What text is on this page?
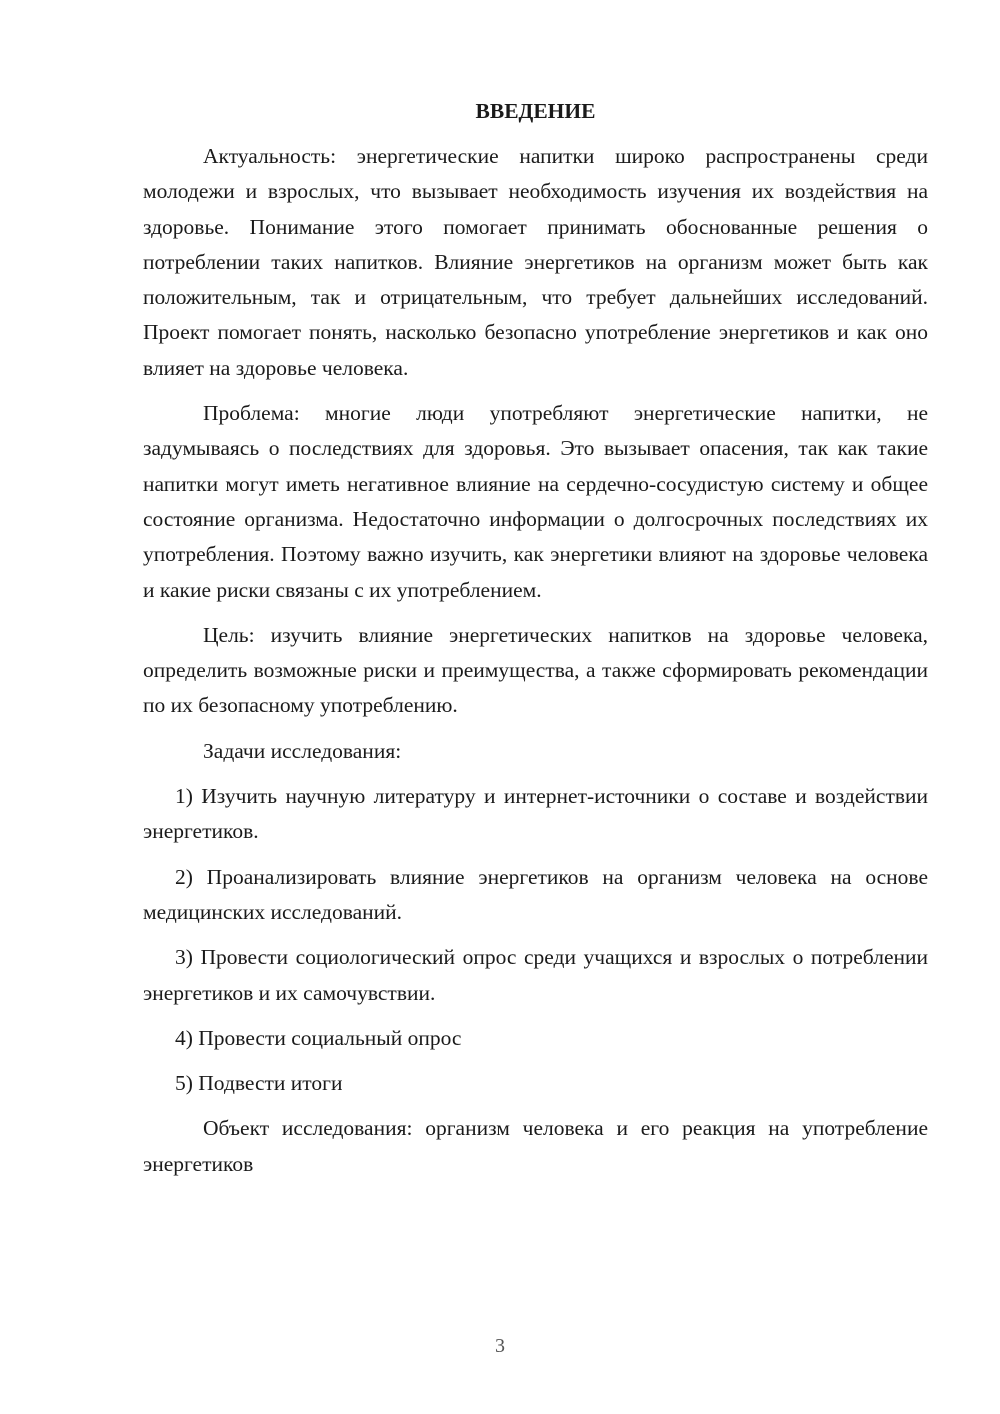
ВВЕДЕНИЕ

Актуальность: энергетические напитки широко распространены среди молодежи и взрослых, что вызывает необходимость изучения их воздействия на здоровье. Понимание этого помогает принимать обоснованные решения о потреблении таких напитков. Влияние энергетиков на организм может быть как положительным, так и отрицательным, что требует дальнейших исследований. Проект помогает понять, насколько безопасно употребление энергетиков и как оно влияет на здоровье человека.

Проблема: многие люди употребляют энергетические напитки, не задумываясь о последствиях для здоровья. Это вызывает опасения, так как такие напитки могут иметь негативное влияние на сердечно-сосудистую систему и общее состояние организма. Недостаточно информации о долгосрочных последствиях их употребления. Поэтому важно изучить, как энергетики влияют на здоровье человека и какие риски связаны с их употреблением.

Цель: изучить влияние энергетических напитков на здоровье человека, определить возможные риски и преимущества, а также сформировать рекомендации по их безопасному употреблению.

Задачи исследования:

1) Изучить научную литературу и интернет-источники о составе и воздействии энергетиков.

2) Проанализировать влияние энергетиков на организм человека на основе медицинских исследований.

3) Провести социологический опрос среди учащихся и взрослых о потреблении энергетиков и их самочувствии.

4) Провести социальный опрос

5) Подвести итоги

Объект исследования: организм человека и его реакция на употребление энергетиков

3
